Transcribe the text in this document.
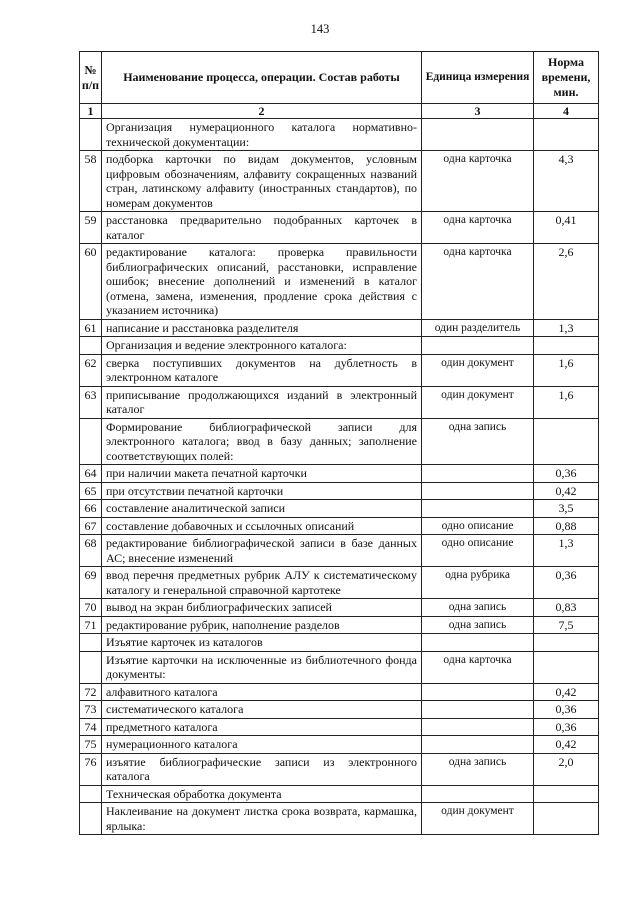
143
№ п/п	Наименование процесса, операции. Состав работы	Единица измерения	Норма времени, мин.
1	2	3	4
	Организация нумерационного каталога нормативно-технической документации:		
58	подборка карточки по видам документов, условным цифровым обозначениям, алфавиту сокращенных названий стран, латинскому алфавиту (иностранных стандартов), по номерам документов	одна карточка	4,3
59	расстановка предварительно подобранных карточек в каталог	одна карточка	0,41
60	редактирование каталога: проверка правильности библиографических описаний, расстановки, исправление ошибок; внесение дополнений и изменений в каталог (отмена, замена, изменения, продление срока действия с указанием источника)	одна карточка	2,6
61	написание и расстановка разделителя	один разделитель	1,3
	Организация и ведение электронного каталога:		
62	сверка поступивших документов на дублетность в электронном каталоге	один документ	1,6
63	приписывание продолжающихся изданий в электронный каталог	один документ	1,6
	Формирование библиографической записи для электронного каталога; ввод в базу данных; заполнение соответствующих полей:	одна запись	
64	при наличии макета печатной карточки		0,36
65	при отсутствии печатной карточки		0,42
66	составление аналитической записи		3,5
67	составление добавочных и ссылочных описаний	одно описание	0,88
68	редактирование библиографической записи в базе данных АС; внесение изменений	одно описание	1,3
69	ввод перечня предметных рубрик АЛУ к систематическому каталогу и генеральной справочной картотеке	одна рубрика	0,36
70	вывод на экран библиографических записей	одна запись	0,83
71	редактирование рубрик, наполнение разделов	одна запись	7,5
	Изъятие карточек из каталогов		
	Изъятие карточки на исключенные из библиотечного фонда документы:	одна карточка	
72	алфавитного каталога		0,42
73	систематического каталога		0,36
74	предметного каталога		0,36
75	нумерационного каталога		0,42
76	изъятие библиографические записи из электронного каталога	одна запись	2,0
	Техническая обработка документа		
	Наклеивание на документ листка срока возврата, кармашка, ярлыка:	один документ	
